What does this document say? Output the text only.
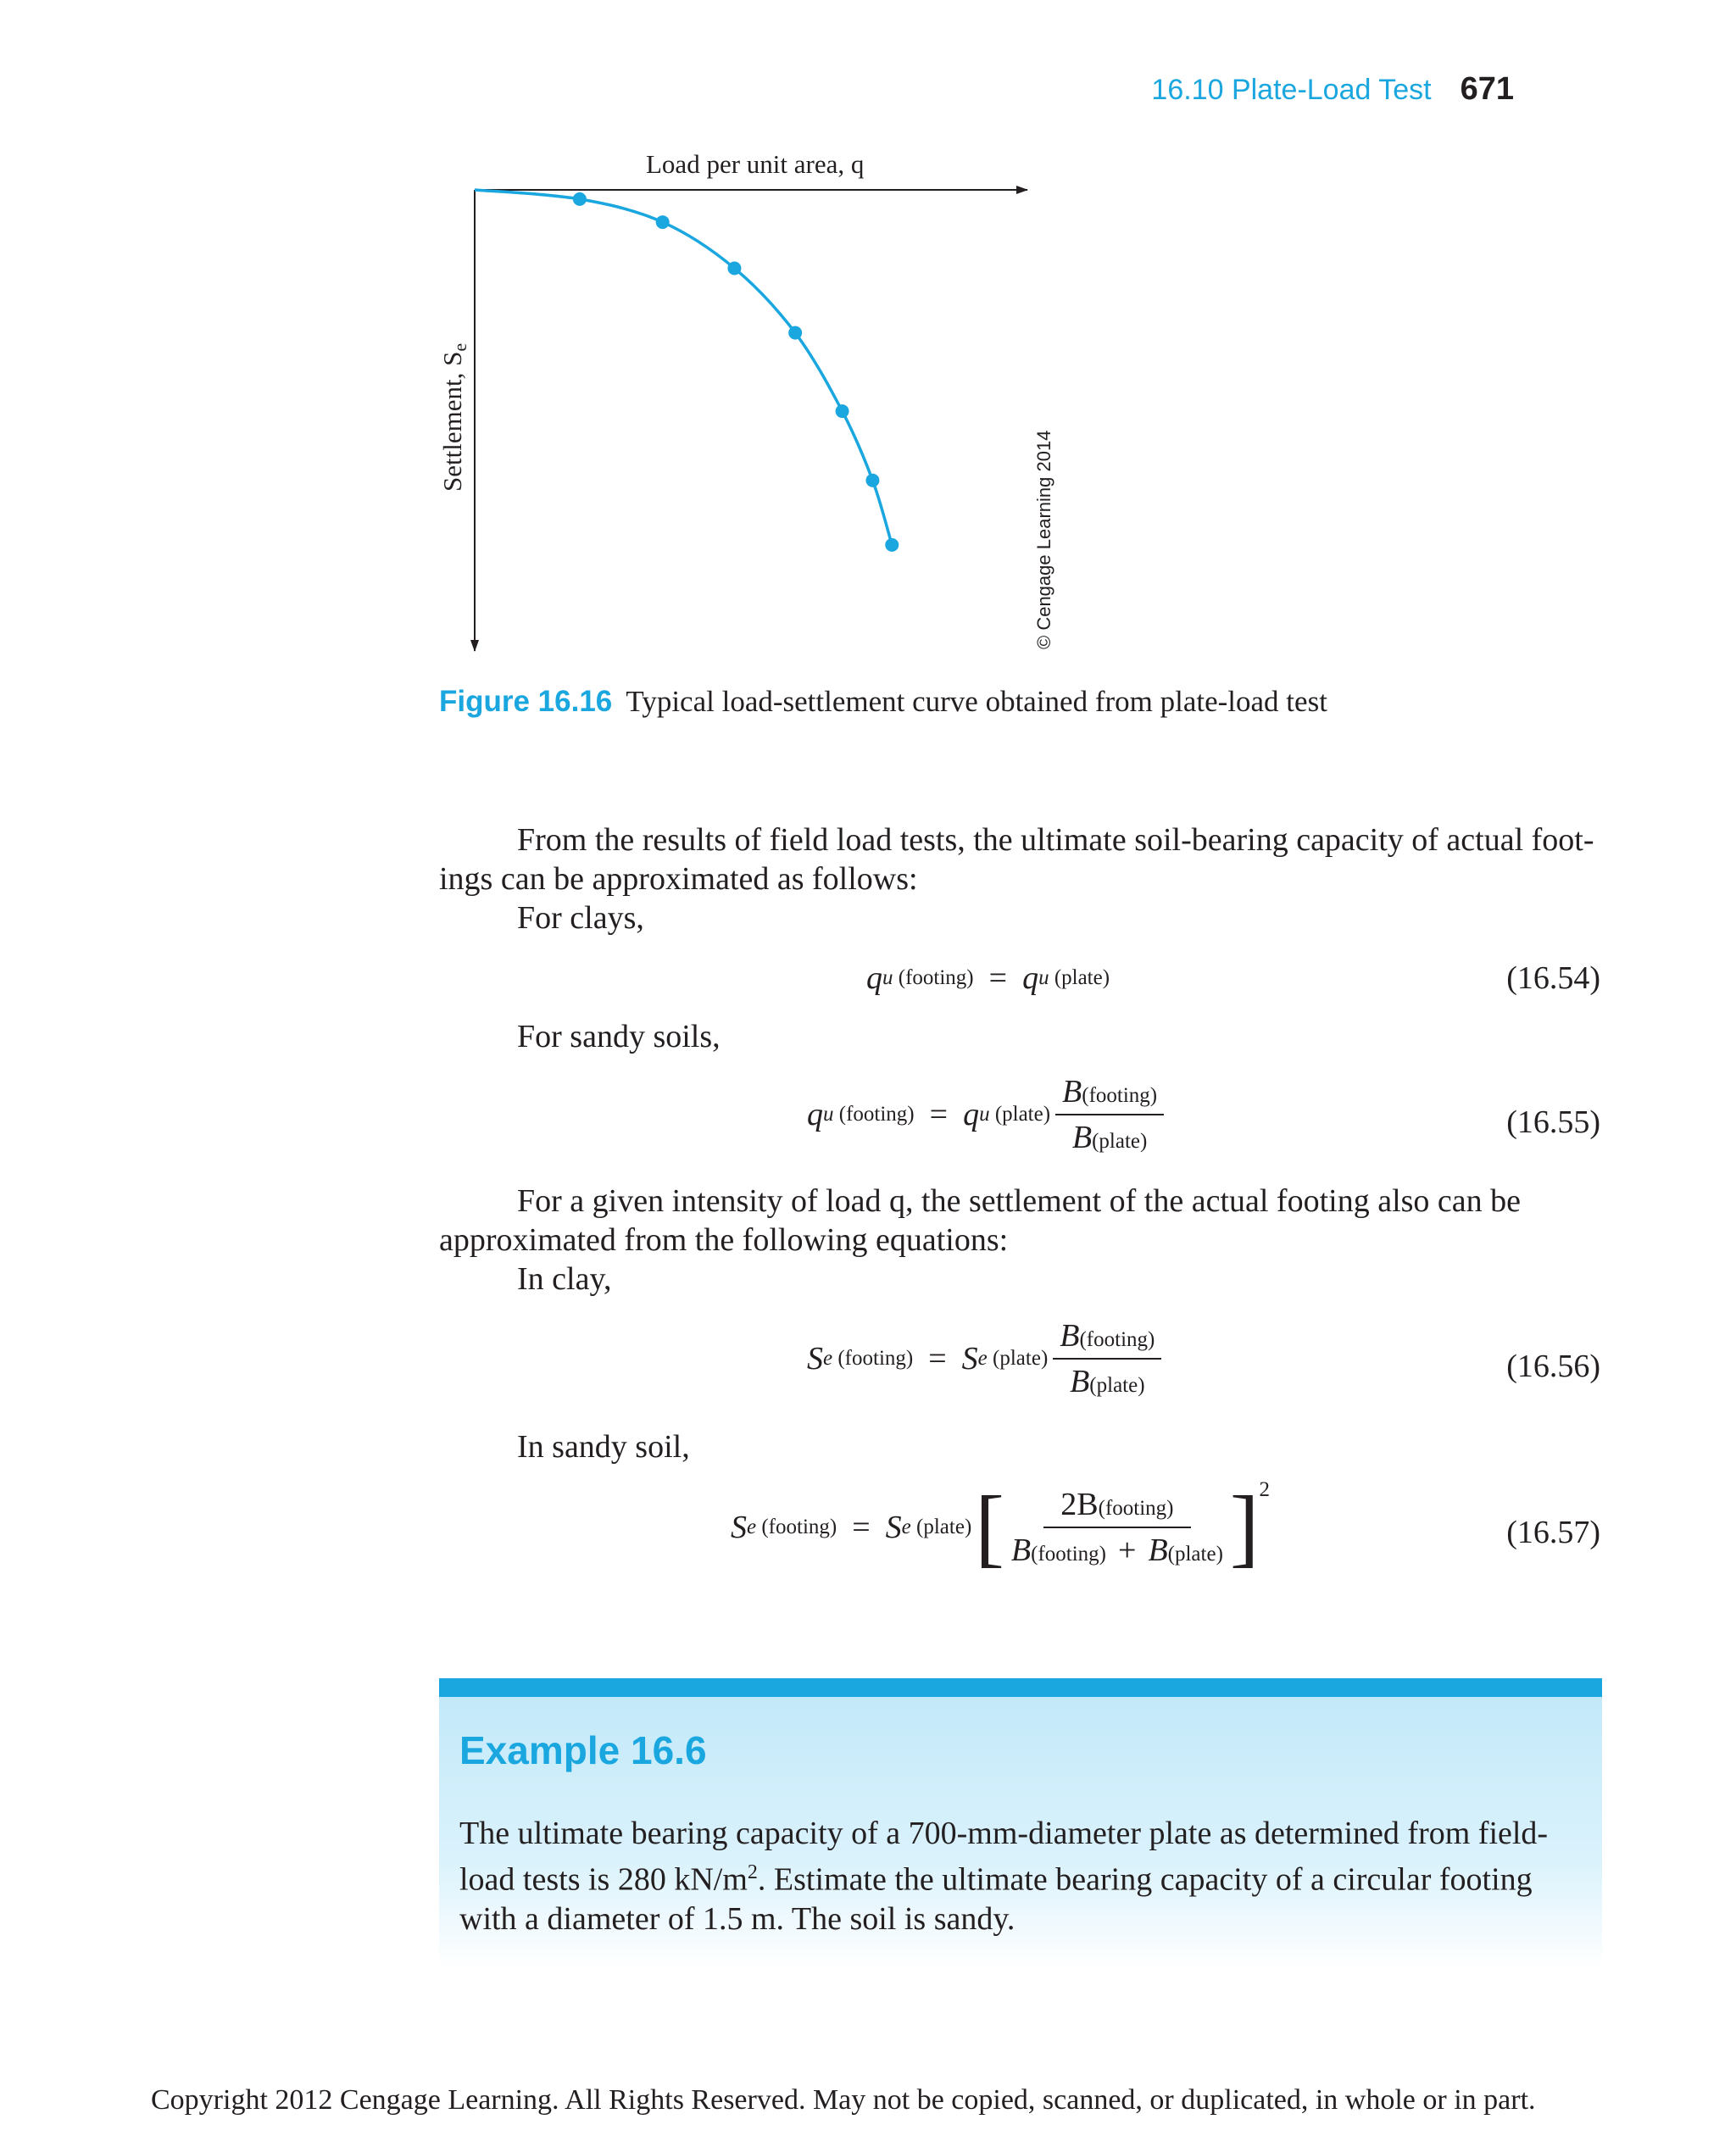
16.10 Plate-Load Test 671
Load per unit area, q
Settlement, Se
© Cengage Learning 2014
Figure 16.16 Typical load-settlement curve obtained from plate-load test
From the results of field load tests, the ultimate soil-bearing capacity of actual foot-
ings can be approximated as follows:
For clays,
q u (footing) = q u (plate)	(16.54)
For sandy soils,
q u (footing) = q u (plate) $\frac{\text{B(footing)}}{\text{B(plate)}}$	(16.55)
For a given intensity of load q, the settlement of the actual footing also can be
approximated from the following equations:
In clay,
S e (footing) = S e (plate) $\frac{\text{B(footing)}}{\text{B(plate)}}$	(16.56)
In sandy soil,
S e (footing) = S e (plate) [ $\frac{\text{2B(footing)}}{\text{B(footing) + B(plate)}}$ ] 2
(16.57)
Example 16.6
The ultimate bearing capacity of a 700-mm-diameter plate as determined from field-
load tests is 280 $kN/m^2$. Estimate the ultimate bearing capacity of a circular footing
with a diameter of 1.5 m. The soil is sandy.
Copyright 2012 Cengage Learning. All Rights Reserved. May not be copied, scanned, or duplicated, in whole or in part.
